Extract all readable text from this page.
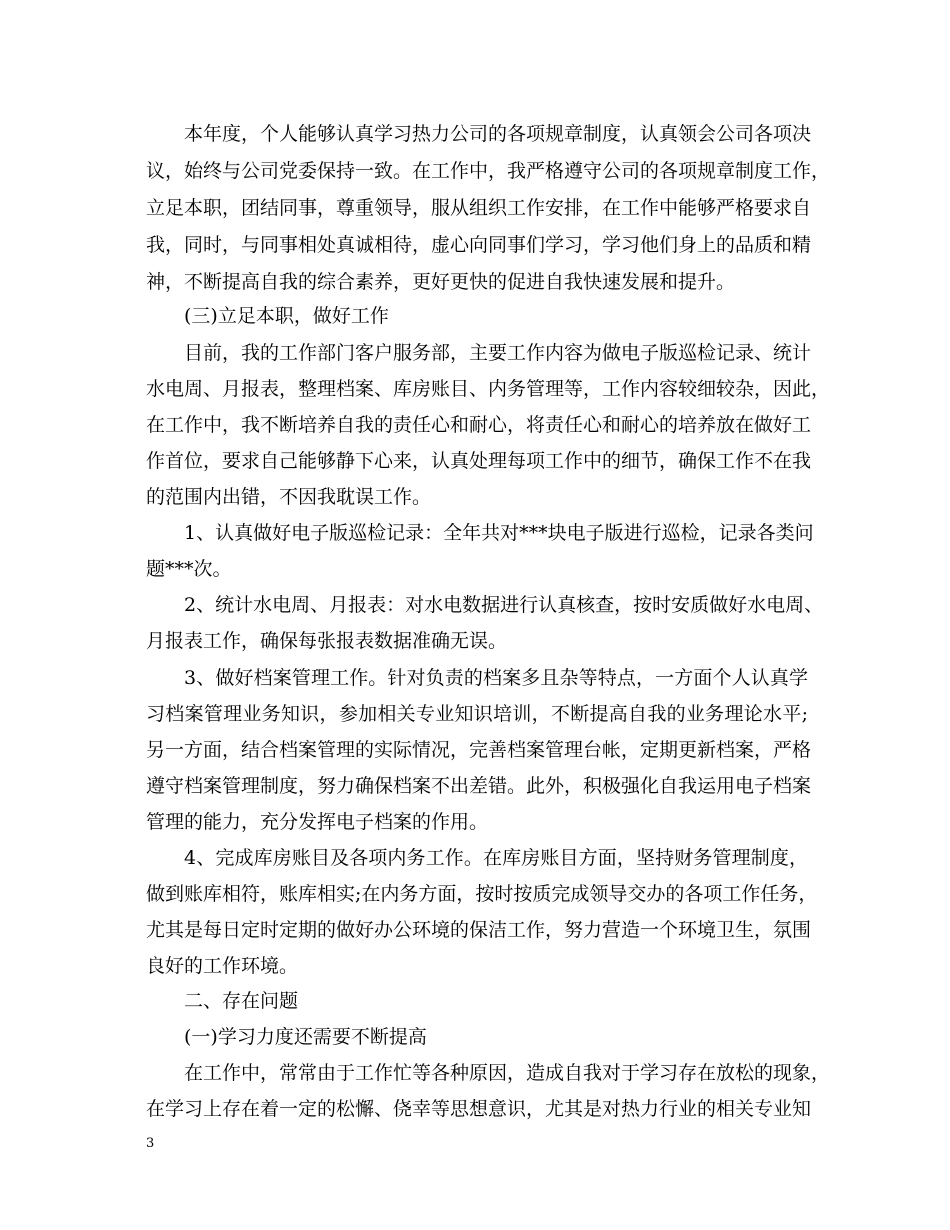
本年度，个人能够认真学习热力公司的各项规章制度，认真领会公司各项决
议，始终与公司党委保持一致。在工作中，我严格遵守公司的各项规章制度工作，
立足本职，团结同事，尊重领导，服从组织工作安排，在工作中能够严格要求自
我，同时，与同事相处真诚相待，虚心向同事们学习，学习他们身上的品质和精
神，不断提高自我的综合素养，更好更快的促进自我快速发展和提升。
(三)立足本职，做好工作
目前，我的工作部门客户服务部，主要工作内容为做电子版巡检记录、统计
水电周、月报表，整理档案、库房账目、内务管理等，工作内容较细较杂，因此，
在工作中，我不断培养自我的责任心和耐心，将责任心和耐心的培养放在做好工
作首位，要求自己能够静下心来，认真处理每项工作中的细节，确保工作不在我
的范围内出错，不因我耽误工作。
1、认真做好电子版巡检记录：全年共对***块电子版进行巡检，记录各类问
题***次。
2、统计水电周、月报表：对水电数据进行认真核查，按时安质做好水电周、
月报表工作，确保每张报表数据准确无误。
3、做好档案管理工作。针对负责的档案多且杂等特点，一方面个人认真学
习档案管理业务知识，参加相关专业知识培训，不断提高自我的业务理论水平;
另一方面，结合档案管理的实际情况，完善档案管理台帐，定期更新档案，严格
遵守档案管理制度，努力确保档案不出差错。此外，积极强化自我运用电子档案
管理的能力，充分发挥电子档案的作用。
4、完成库房账目及各项内务工作。在库房账目方面，坚持财务管理制度，
做到账库相符，账库相实;在内务方面，按时按质完成领导交办的各项工作任务，
尤其是每日定时定期的做好办公环境的保洁工作，努力营造一个环境卫生，氛围
良好的工作环境。
二、存在问题
(一)学习力度还需要不断提高
在工作中，常常由于工作忙等各种原因，造成自我对于学习存在放松的现象，
在学习上存在着一定的松懈、侥幸等思想意识，尤其是对热力行业的相关专业知
3
